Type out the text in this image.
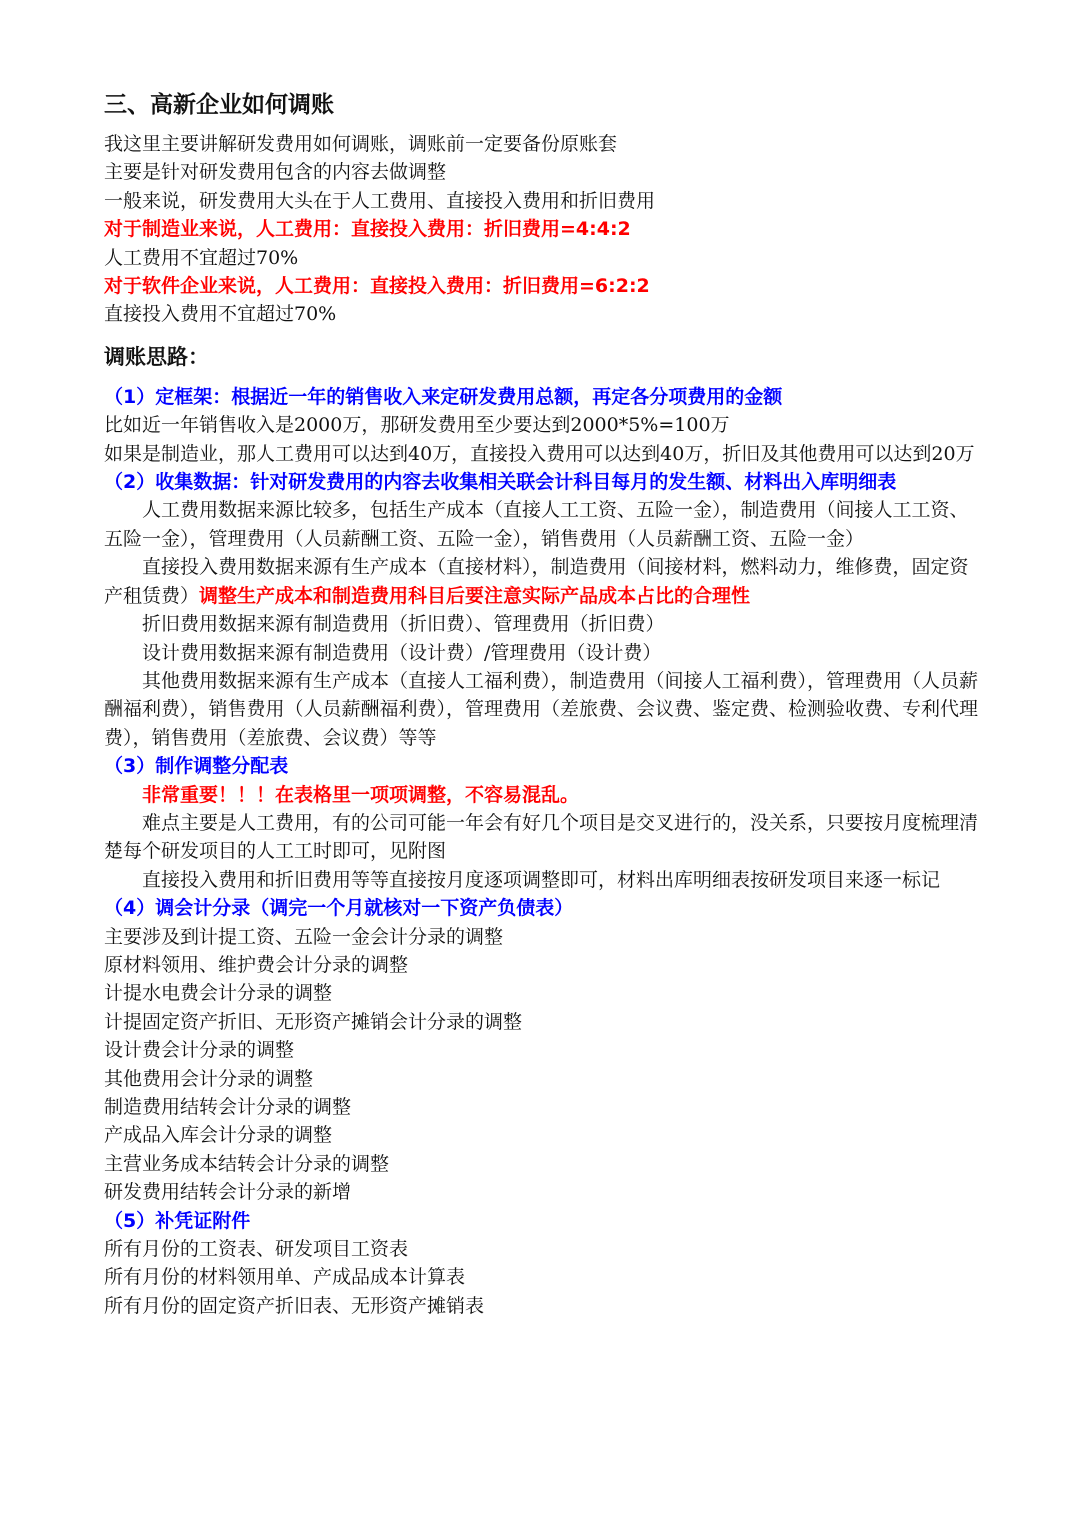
三、高新企业如何调账

我这里主要讲解研发费用如何调账，调账前一定要备份原账套

主要是针对研发费用包含的内容去做调整

一般来说，研发费用大头在于人工费用、直接投入费用和折旧费用

对于制造业来说，人工费用：直接投入费用：折旧费用=4:4:2

人工费用不宜超过70%

对于软件企业来说，人工费用：直接投入费用：折旧费用=6:2:2

直接投入费用不宜超过70%

调账思路：

（1）定框架：根据近一年的销售收入来定研发费用总额，再定各分项费用的金额

比如近一年销售收入是2000万，那研发费用至少要达到2000*5%=100万

如果是制造业，那人工费用可以达到40万，直接投入费用可以达到40万，折旧及其他费用可以达到20万

（2）收集数据：针对研发费用的内容去收集相关联会计科目每月的发生额、材料出入库明细表

人工费用数据来源比较多，包括生产成本（直接人工工资、五险一金），制造费用（间接人工工资、五险一金），管理费用（人员薪酬工资、五险一金），销售费用（人员薪酬工资、五险一金）

直接投入费用数据来源有生产成本（直接材料），制造费用（间接材料，燃料动力，维修费，固定资产租赁费）调整生产成本和制造费用科目后要注意实际产品成本占比的合理性

折旧费用数据来源有制造费用（折旧费）、管理费用（折旧费）

设计费用数据来源有制造费用（设计费）/管理费用（设计费）

其他费用数据来源有生产成本（直接人工福利费），制造费用（间接人工福利费），管理费用（人员薪酬福利费），销售费用（人员薪酬福利费），管理费用（差旅费、会议费、鉴定费、检测验收费、专利代理费），销售费用（差旅费、会议费）等等

（3）制作调整分配表

非常重要！！！在表格里一项项调整，不容易混乱。

难点主要是人工费用，有的公司可能一年会有好几个项目是交叉进行的，没关系，只要按月度梳理清楚每个研发项目的人工工时即可，见附图

直接投入费用和折旧费用等等直接按月度逐项调整即可，材料出库明细表按研发项目来逐一标记

（4）调会计分录（调完一个月就核对一下资产负债表）

主要涉及到计提工资、五险一金会计分录的调整

原材料领用、维护费会计分录的调整

计提水电费会计分录的调整

计提固定资产折旧、无形资产摊销会计分录的调整

设计费会计分录的调整

其他费用会计分录的调整

制造费用结转会计分录的调整

产成品入库会计分录的调整

主营业务成本结转会计分录的调整

研发费用结转会计分录的新增

（5）补凭证附件

所有月份的工资表、研发项目工资表

所有月份的材料领用单、产成品成本计算表

所有月份的固定资产折旧表、无形资产摊销表
